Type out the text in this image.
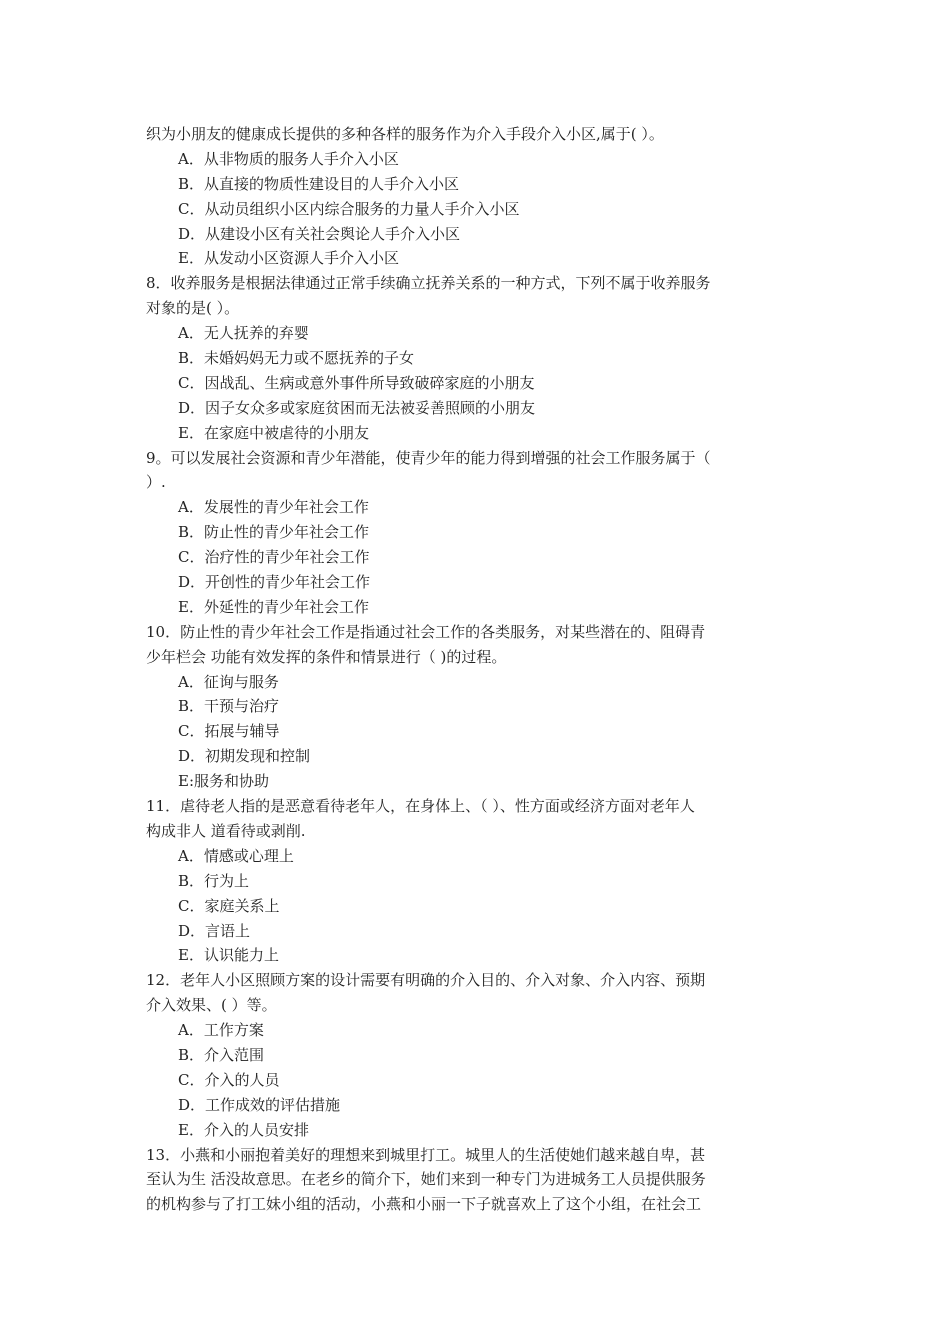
织为小朋友的健康成长提供的多种各样的服务作为介入手段介入小区,属于( ）。
A．从非物质的服务人手介入小区
B．从直接的物质性建设目的人手介入小区
C．从动员组织小区内综合服务的力量人手介入小区
D．从建设小区有关社会舆论人手介入小区
E．从发动小区资源人手介入小区
8．收养服务是根据法律通过正常手续确立抚养关系的一种方式，下列不属于收养服务
对象的是( ）。
A．无人抚养的弃婴
B．未婚妈妈无力或不愿抚养的子女
C．因战乱、生病或意外事件所导致破碎家庭的小朋友
D．因子女众多或家庭贫困而无法被妥善照顾的小朋友
E．在家庭中被虐待的小朋友
9。可以发展社会资源和青少年潜能，使青少年的能力得到增强的社会工作服务属于（
）.
A．发展性的青少年社会工作
B．防止性的青少年社会工作
C．治疗性的青少年社会工作
D．开创性的青少年社会工作
E．外延性的青少年社会工作
10．防止性的青少年社会工作是指通过社会工作的各类服务，对某些潜在的、阻碍青
少年栏会 功能有效发挥的条件和情景进行（ )的过程。
A．征询与服务
B．干预与治疗
C．拓展与辅导
D．初期发现和控制
E:服务和协助
11．虐待老人指的是恶意看待老年人，在身体上、（ ）、性方面或经济方面对老年人
构成非人 道看待或剥削.
A．情感或心理上
B．行为上
C．家庭关系上
D．言语上
E．认识能力上
12．老年人小区照顾方案的设计需要有明确的介入目的、介入对象、介入内容、预期
介入效果、( ）等。
A．工作方案
B．介入范围
C．介入的人员
D．工作成效的评估措施
E．介入的人员安排
13．小燕和小丽抱着美好的理想来到城里打工。城里人的生活使她们越来越自卑，甚
至认为生 活没故意思。在老乡的简介下，她们来到一种专门为进城务工人员提供服务
的机构参与了打工妹小组的活动，小燕和小丽一下子就喜欢上了这个小组，在社会工
